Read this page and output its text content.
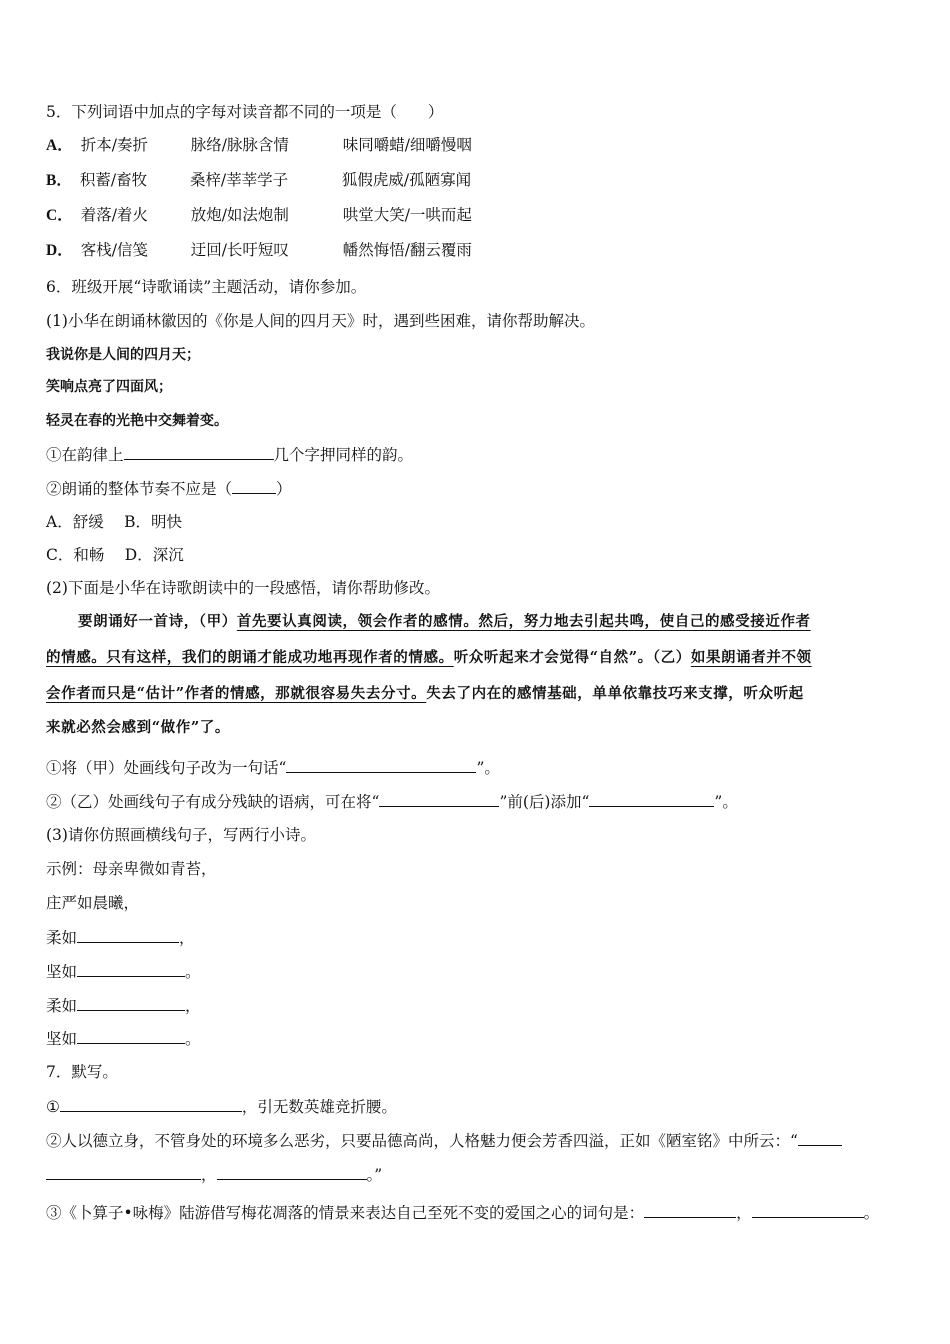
5．下列词语中加点的字每对读音都不同的一项是（　　）
A． 折本/奏折	脉络/脉脉含情	味同嚼蜡/细嚼慢咽
B． 积蓄/畜牧	桑梓/莘莘学子	狐假虎威/孤陋寡闻
C． 着落/着火	放炮/如法炮制	哄堂大笑/一哄而起
D． 客栈/信笺	迂回/长吁短叹	幡然悔悟/翻云覆雨
6．班级开展“诗歌诵读”主题活动，请你参加。
(1)小华在朗诵林徽因的《你是人间的四月天》时，遇到些困难，请你帮助解决。
我说你是人间的四月天；
笑响点亮了四面风；
轻灵在春的光艳中交舞着变。
①在韵律上	几个字押同样的韵。
②朗诵的整体节奏不应是（	）
A．舒缓　 B．明快
C．和畅　 D．深沉
(2)下面是小华在诗歌朗读中的一段感悟，请你帮助修改。
要朗诵好一首诗，（甲）首先要认真阅读，领会作者的感情。然后，努力地去引起共鸣，使自己的感受接近作者
的情感。只有这样，我们的朗诵才能成功地再现作者的情感。听众听起来才会觉得“自然”。（乙）如果朗诵者并不领
会作者而只是“估计”作者的情感，那就很容易失去分寸。失去了内在的感情基础，单单依靠技巧来支撑，听众听起
来就必然会感到“做作”了。
①将（甲）处画线句子改为一句话“	”。
②（乙）处画线句子有成分残缺的语病，可在将“	”前(后)添加“	”。
(3)请你仿照画横线句子，写两行小诗。
示例：母亲卑微如青苔，
庄严如晨曦，
柔如	，
坚如	。
柔如	，
坚如	。
7．默写。
①	，引无数英雄竞折腰。
②人以德立身，不管身处的环境多么恶劣，只要品德高尚，人格魅力便会芳香四溢，正如《陋室铭》中所云：“
，	。”
③《卜算子•咏梅》陆游借写梅花凋落的情景来表达自己至死不变的爱国之心的词句是：	，	。
